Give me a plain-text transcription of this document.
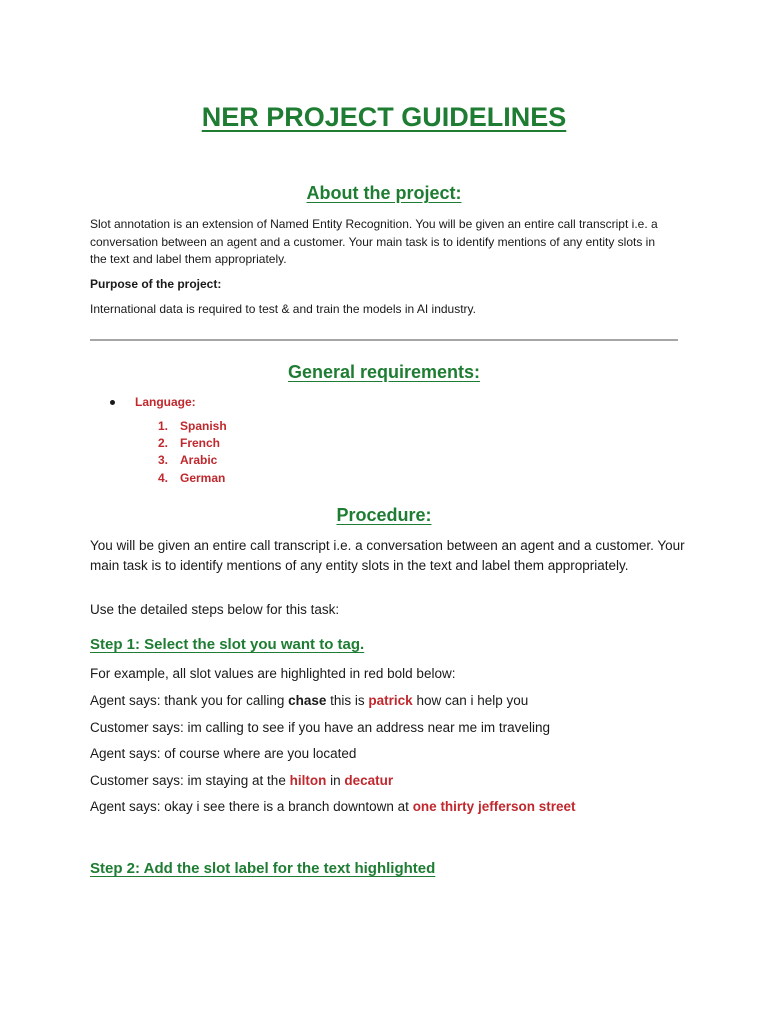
NER PROJECT GUIDELINES
About the project:

Slot annotation is an extension of Named Entity Recognition. You will be given an entire call transcript i.e. a conversation between an agent and a customer. Your main task is to identify mentions of any entity slots in the text and label them appropriately.

Purpose of the project:

International data is required to test & and train the models in AI industry.

General requirements:
Language:
1. Spanish
2. French
3. Arabic
4. German
Procedure:

You will be given an entire call transcript i.e. a conversation between an agent and a customer. Your main task is to identify mentions of any entity slots in the text and label them appropriately.

Use the detailed steps below for this task:

Step 1: Select the slot you want to tag.

For example, all slot values are highlighted in red bold below:

Agent says: thank you for calling chase this is patrick how can i help you

Customer says: im calling to see if you have an address near me im traveling

Agent says: of course where are you located

Customer says: im staying at the hilton in decatur

Agent says: okay i see there is a branch downtown at one thirty jefferson street

Step 2: Add the slot label for the text highlighted
